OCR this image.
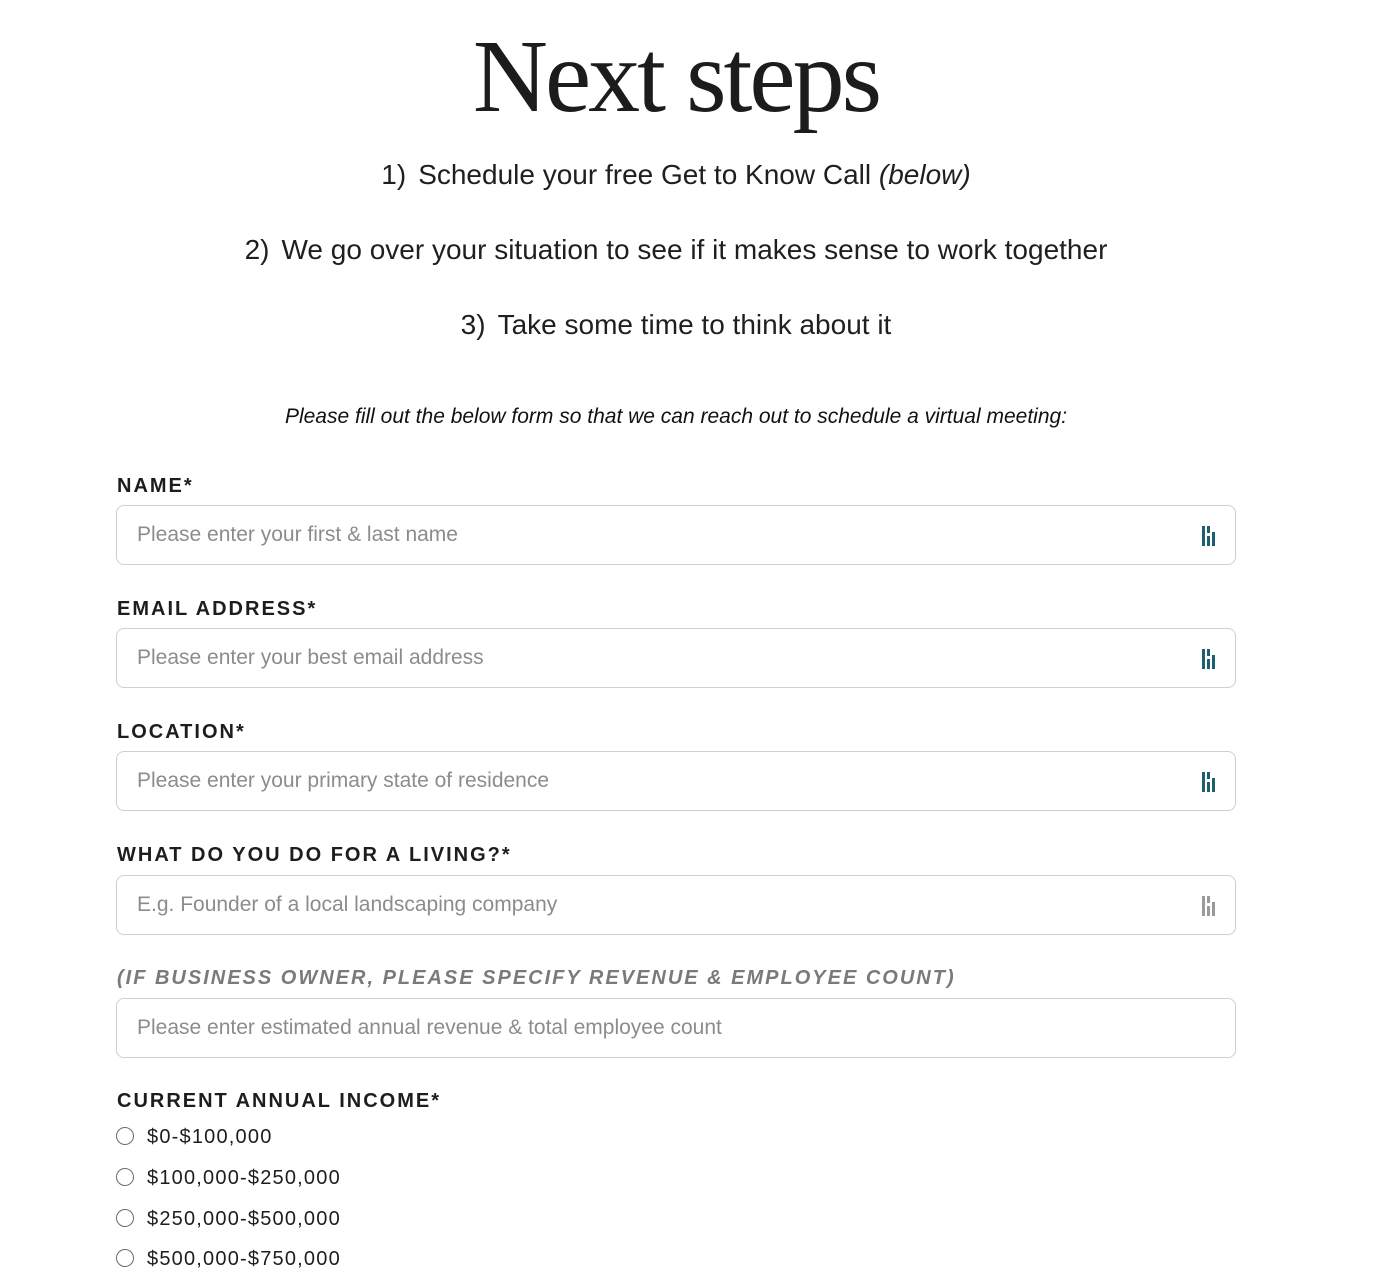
Next steps
1) Schedule your free Get to Know Call (below)
2) We go over your situation to see if it makes sense to work together
3) Take some time to think about it
Please fill out the below form so that we can reach out to schedule a virtual meeting:
NAME*
Please enter your first & last name
EMAIL ADDRESS*
Please enter your best email address
LOCATION*
Please enter your primary state of residence
WHAT DO YOU DO FOR A LIVING?*
E.g. Founder of a local landscaping company
(IF BUSINESS OWNER, PLEASE SPECIFY REVENUE & EMPLOYEE COUNT)
Please enter estimated annual revenue & total employee count
CURRENT ANNUAL INCOME*
$0-$100,000
$100,000-$250,000
$250,000-$500,000
$500,000-$750,000
